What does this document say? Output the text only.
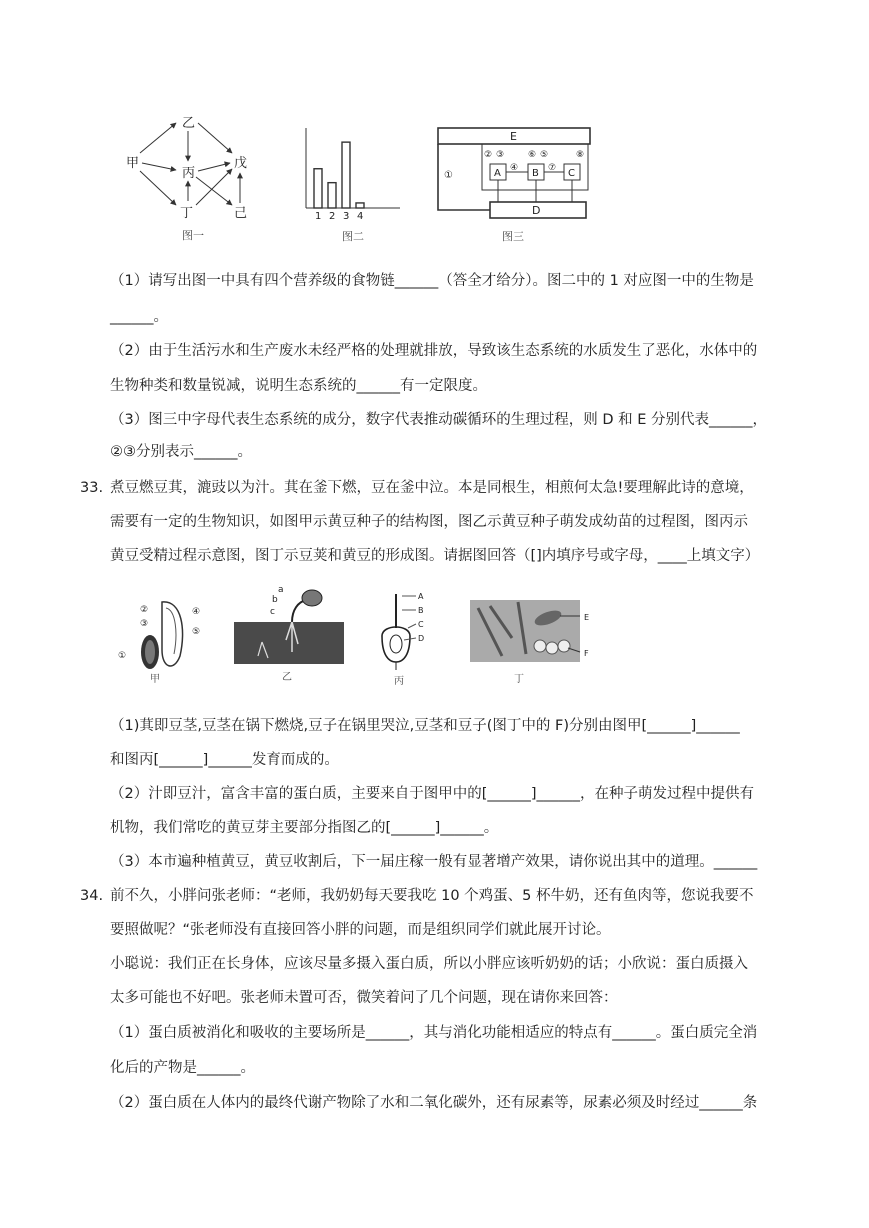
乙
甲
丙
戊
丁	己
图一
1 2 3 4
图二
E
①	A	B	C
② ③
④
⑤
⑥
⑦
⑧
D
图三
（1）请写出图一中具有四个营养级的食物链______（答全才给分）。图二中的 1 对应图一中的生物是
______。
（2）由于生活污水和生产废水未经严格的处理就排放，导致该生态系统的水质发生了恶化，水体中的
生物种类和数量锐减，说明生态系统的______有一定限度。
（3）图三中字母代表生态系统的成分，数字代表推动碳循环的生理过程，则 D 和 E 分别代表______，
②③分别表示______。
33. 煮豆燃豆萁，漉豉以为汁。萁在釜下燃，豆在釜中泣。本是同根生，相煎何太急!要理解此诗的意境，
需要有一定的生物知识，如图甲示黄豆种子的结构图，图乙示黄豆种子萌发成幼苗的过程图，图丙示
黄豆受精过程示意图，图丁示豆荚和黄豆的形成图。请据图回答（[]内填序号或字母，____上填文字）
①
②
③
④
⑤
甲
a
b
c
乙
A
B
C
D
丙
E
F
丁
（1)萁即豆茎,豆茎在锅下燃烧,豆子在锅里哭泣,豆茎和豆子(图丁中的 F)分别由图甲[______]______
和图丙[______]______发育而成的。
（2）汁即豆汁，富含丰富的蛋白质，主要来自于图甲中的[______]______，在种子萌发过程中提供有
机物，我们常吃的黄豆芽主要部分指图乙的[______]______。
（3）本市遍种植黄豆，黄豆收割后，下一届庄稼一般有显著增产效果，请你说出其中的道理。______
34. 前不久，小胖问张老师：“老师，我奶奶每天要我吃 10 个鸡蛋、5 杯牛奶，还有鱼肉等，您说我要不
要照做呢？“张老师没有直接回答小胖的问题，而是组织同学们就此展开讨论。
小聪说：我们正在长身体，应该尽量多摄入蛋白质，所以小胖应该听奶奶的话；小欣说：蛋白质摄入
太多可能也不好吧。张老师未置可否，微笑着问了几个问题，现在请你来回答：
（1）蛋白质被消化和吸收的主要场所是______，其与消化功能相适应的特点有______。蛋白质完全消
化后的产物是______。
（2）蛋白质在人体内的最终代谢产物除了水和二氧化碳外，还有尿素等，尿素必须及时经过______条
